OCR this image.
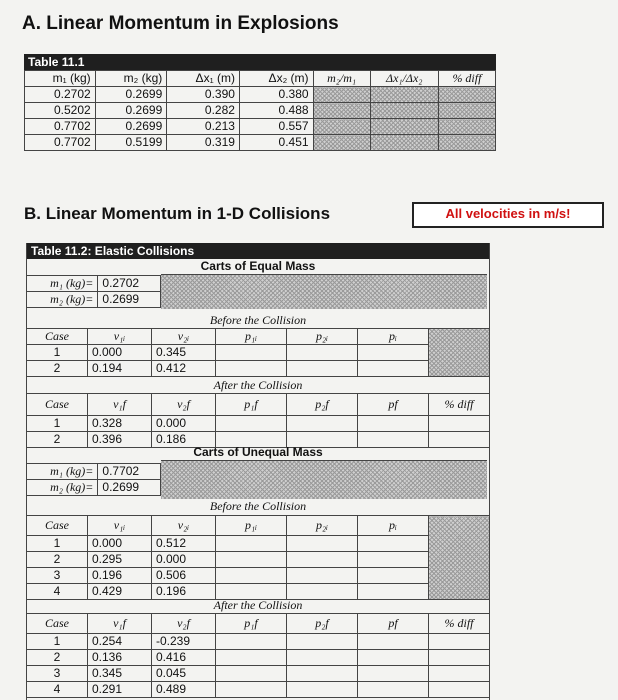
A. Linear Momentum in Explosions
Table 11.1
m₁ (kg)	m₂ (kg)	Δx₁ (m)	Δx₂ (m)	m₂/m₁	Δx₁/Δx₂	% diff
0.2702	0.2699	0.390	0.380			
0.5202	0.2699	0.282	0.488			
0.7702	0.2699	0.213	0.557			
0.7702	0.5199	0.319	0.451			
B. Linear Momentum in 1-D Collisions	All velocities in m/s!
Table 11.2: Elastic Collisions
Carts of Equal Mass
m₁ (kg)=	0.2702
m₂ (kg)=	0.2699
Before the Collision
Case	v₁ᵢ	v₂ᵢ	p₁ᵢ	p₂ᵢ	pᵢ	
1	0.000	0.345				
2	0.194	0.412				
After the Collision
Case	v₁f	v₂f	p₁f	p₂f	pf	% diff
1	0.328	0.000				
2	0.396	0.186				
Carts of Unequal Mass
m₁ (kg)=	0.7702
m₂ (kg)=	0.2699
Before the Collision
Case	v₁ᵢ	v₂ᵢ	p₁ᵢ	p₂ᵢ	pᵢ	
1	0.000	0.512				
2	0.295	0.000				
3	0.196	0.506				
4	0.429	0.196				
After the Collision
Case	v₁f	v₂f	p₁f	p₂f	pf	% diff
1	0.254	-0.239				
2	0.136	0.416				
3	0.345	0.045				
4	0.291	0.489				
